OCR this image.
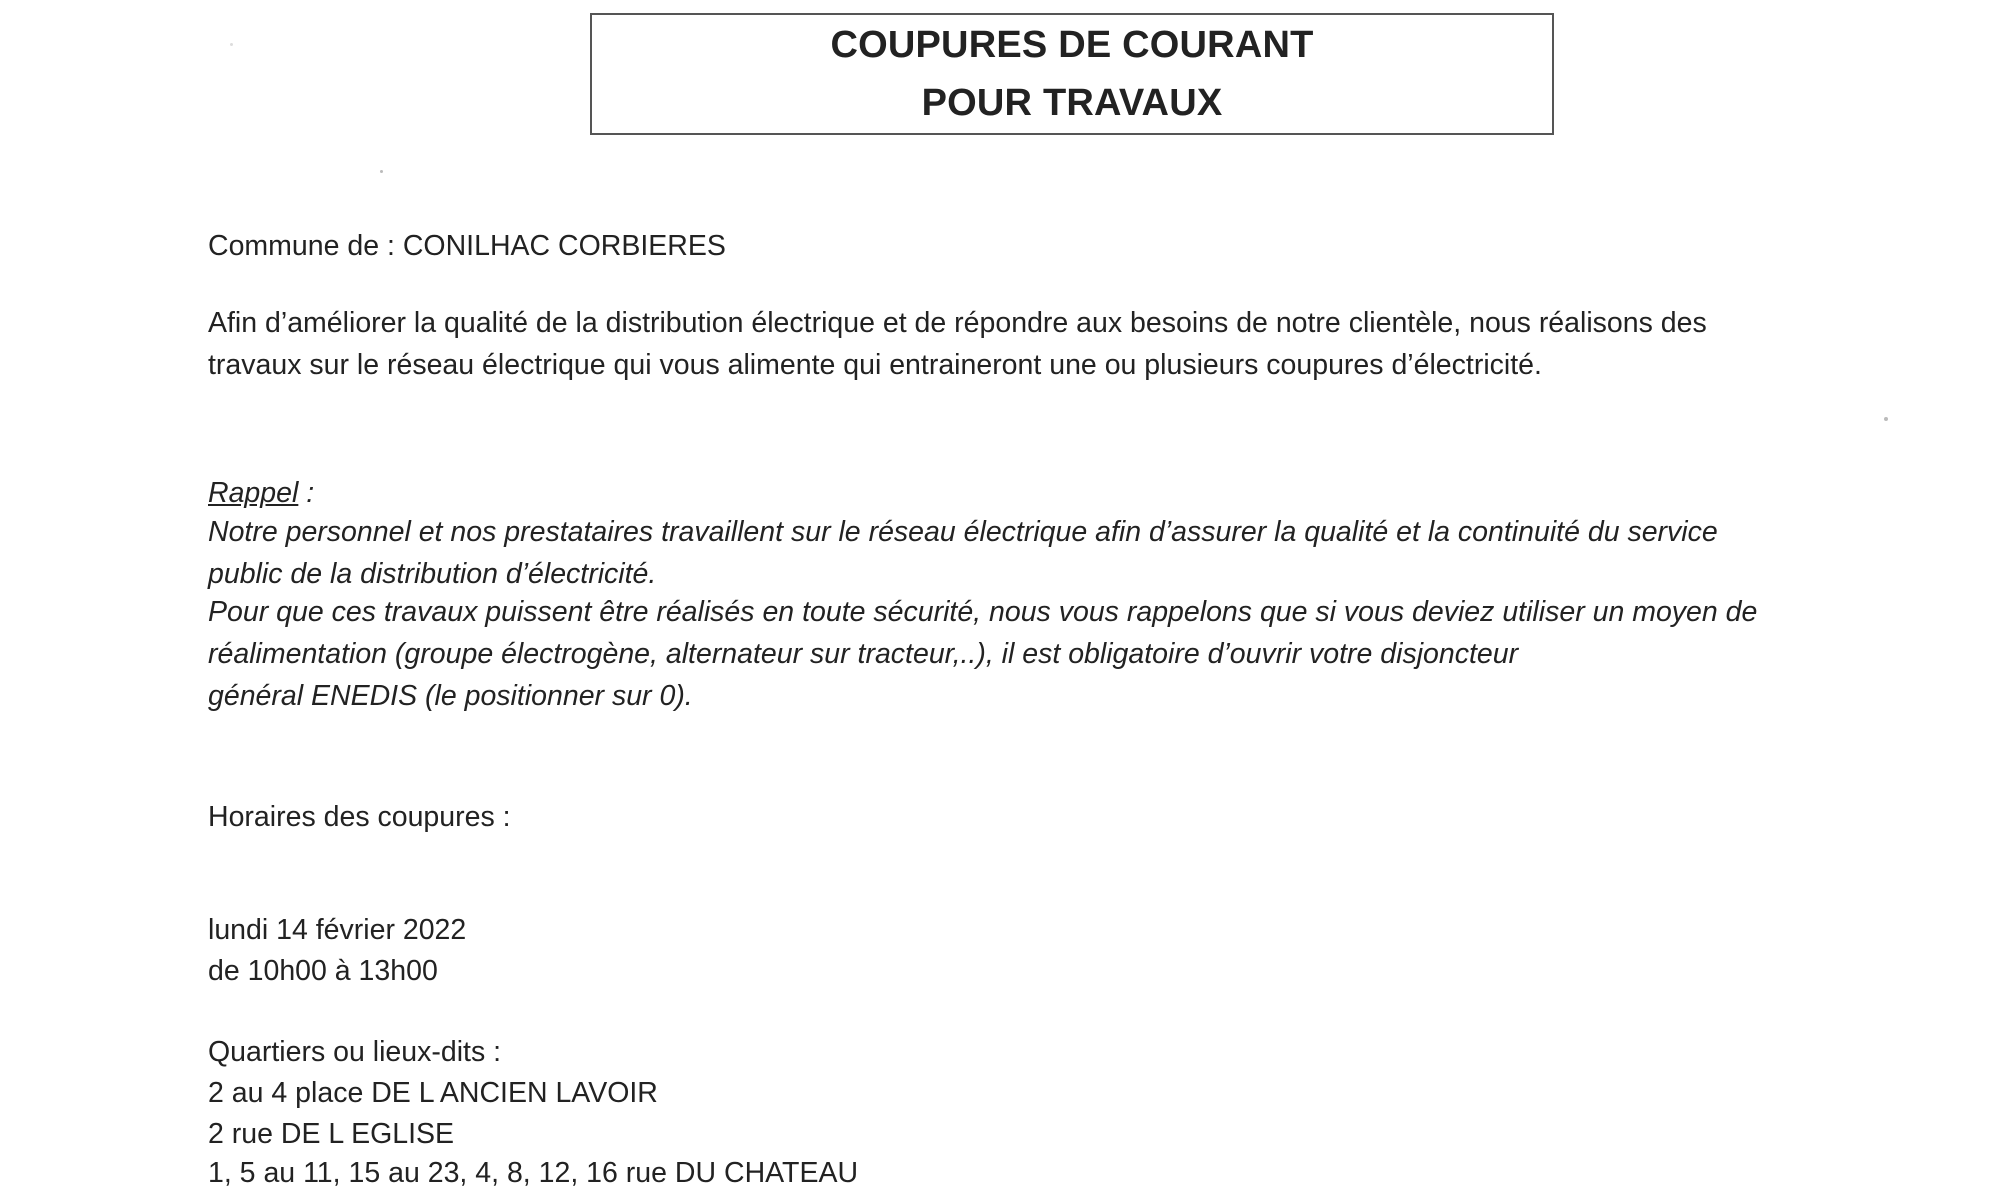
COUPURES DE COURANT
POUR TRAVAUX
Commune de : CONILHAC CORBIERES
Afin d’améliorer la qualité de la distribution électrique et de répondre aux besoins de notre clientèle, nous réalisons des
travaux sur le réseau électrique qui vous alimente qui entraineront une ou plusieurs coupures d’électricité.
Rappel :
Notre personnel et nos prestataires travaillent sur le réseau électrique afin d’assurer la qualité et la continuité du service
public de la distribution d’électricité.
Pour que ces travaux puissent être réalisés en toute sécurité, nous vous rappelons que si vous deviez utiliser un moyen de
réalimentation (groupe électrogène, alternateur sur tracteur,..), il est obligatoire d’ouvrir votre disjoncteur
général ENEDIS (le positionner sur 0).
Horaires des coupures :
lundi 14 février 2022
de 10h00 à 13h00
Quartiers ou lieux-dits :
2 au 4 place DE L ANCIEN LAVOIR
2 rue DE L EGLISE
1, 5 au 11, 15 au 23, 4, 8, 12, 16 rue DU CHATEAU
